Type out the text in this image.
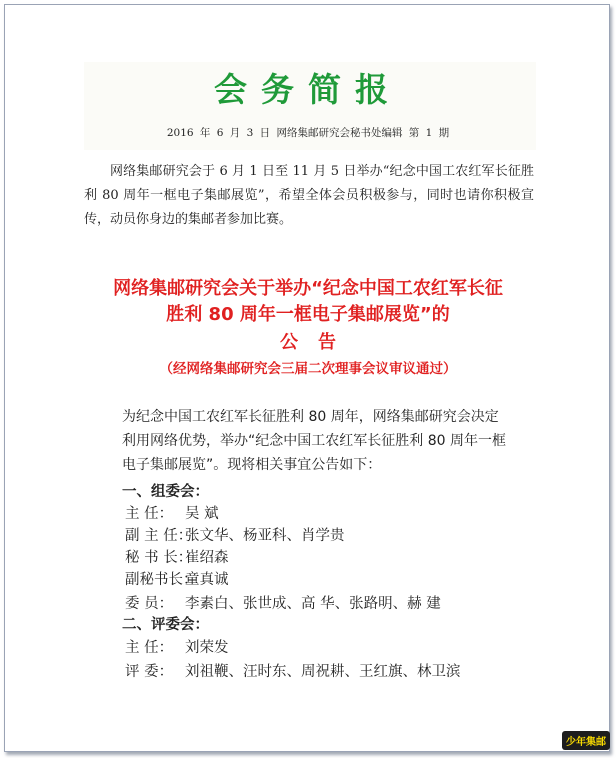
会务简报
2016 年 6 月 3 日 网络集邮研究会秘书处编辑 第 1 期
网络集邮研究会于 6 月 1 日至 11 月 5 日举办“纪念中国工农红军长征胜利 80 周年一框电子集邮展览”，希望全体会员积极参与，同时也请你积极宣传，动员你身边的集邮者参加比赛。
网络集邮研究会关于举办“纪念中国工农红军长征
胜利 80 周年一框电子集邮展览”的
公告
（经网络集邮研究会三届二次理事会议审议通过）
为纪念中国工农红军长征胜利 80 周年，网络集邮研究会决定利用网络优势，举办“纪念中国工农红军长征胜利 80 周年一框电子集邮展览”。现将相关事宜公告如下：
一、组委会：
主 任： 吴 斌
副 主 任：张文华、杨亚科、肖学贵
秘 书 长：崔绍森
副秘书长：童真诚
委 员： 李素白、张世成、高 华、张路明、赫 建
二、评委会：
主 任： 刘荣发
评 委： 刘祖鞭、汪时东、周祝耕、王红旗、林卫滨
少年集邮
